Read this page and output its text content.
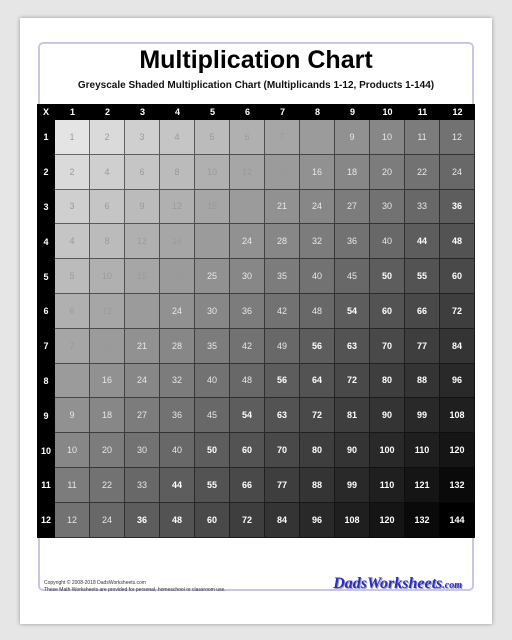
Multiplication Chart
Greyscale Shaded Multiplication Chart (Multiplicands 1-12, Products 1-144)
X	1	2	3	4	5	6	7	8	9	10	11	12
1	1	2	3	4	5	6	7	8	9	10	11	12
2	2	4	6	8	10	12	14	16	18	20	22	24
3	3	6	9	12	15	18	21	24	27	30	33	36
4	4	8	12	16	20	24	28	32	36	40	44	48
5	5	10	15	20	25	30	35	40	45	50	55	60
6	6	12	18	24	30	36	42	48	54	60	66	72
7	7	14	21	28	35	42	49	56	63	70	77	84
8	8	16	24	32	40	48	56	64	72	80	88	96
9	9	18	27	36	45	54	63	72	81	90	99	108
10	10	20	30	40	50	60	70	80	90	100	110	120
11	11	22	33	44	55	66	77	88	99	110	121	132
12	12	24	36	48	60	72	84	96	108	120	132	144
Copyright © 2008-2018 DadsWorksheets.com
These Math Worksheets are provided for personal, homeschool or classroom use.	DadsWorksheets.com
